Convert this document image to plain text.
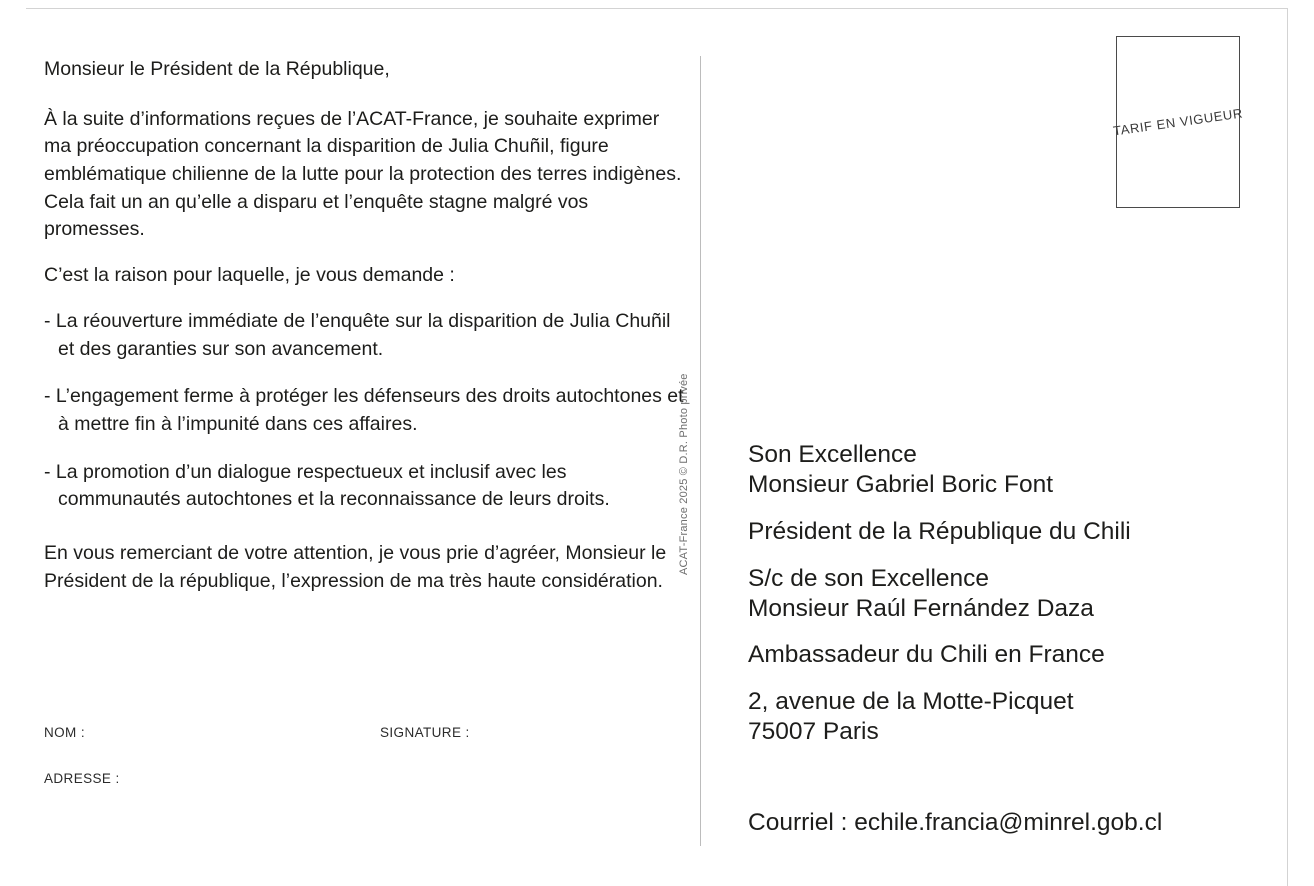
Monsieur le Président de la République,

À la suite d’informations reçues de l’ACAT-France, je souhaite exprimer ma préoccupation concernant la disparition de Julia Chuñil, figure emblématique chilienne de la lutte pour la protection des terres indigènes. Cela fait un an qu’elle a disparu et l’enquête stagne malgré vos promesses.

C’est la raison pour laquelle, je vous demande :

- La réouverture immédiate de l’enquête sur la disparition de Julia Chuñil et des garanties sur son avancement.

- L’engagement ferme à protéger les défenseurs des droits autochtones et à mettre fin à l’impunité dans ces affaires.

- La promotion d’un dialogue respectueux et inclusif avec les communautés autochtones et la reconnaissance de leurs droits.

En vous remerciant de votre attention, je vous prie d’agréer, Monsieur le Président de la république, l’expression de ma très haute considération.

NOM :	SIGNATURE :
ADRESSE :
ACAT-France 2025 © D.R. Photo privée
TARIF EN VIGUEUR
Son Excellence
Monsieur Gabriel Boric Font
Président de la République du Chili
S/c de son Excellence
Monsieur Raúl Fernández Daza
Ambassadeur du Chili en France
2, avenue de la Motte-Picquet
75007 Paris
Courriel : echile.francia@minrel.gob.cl
